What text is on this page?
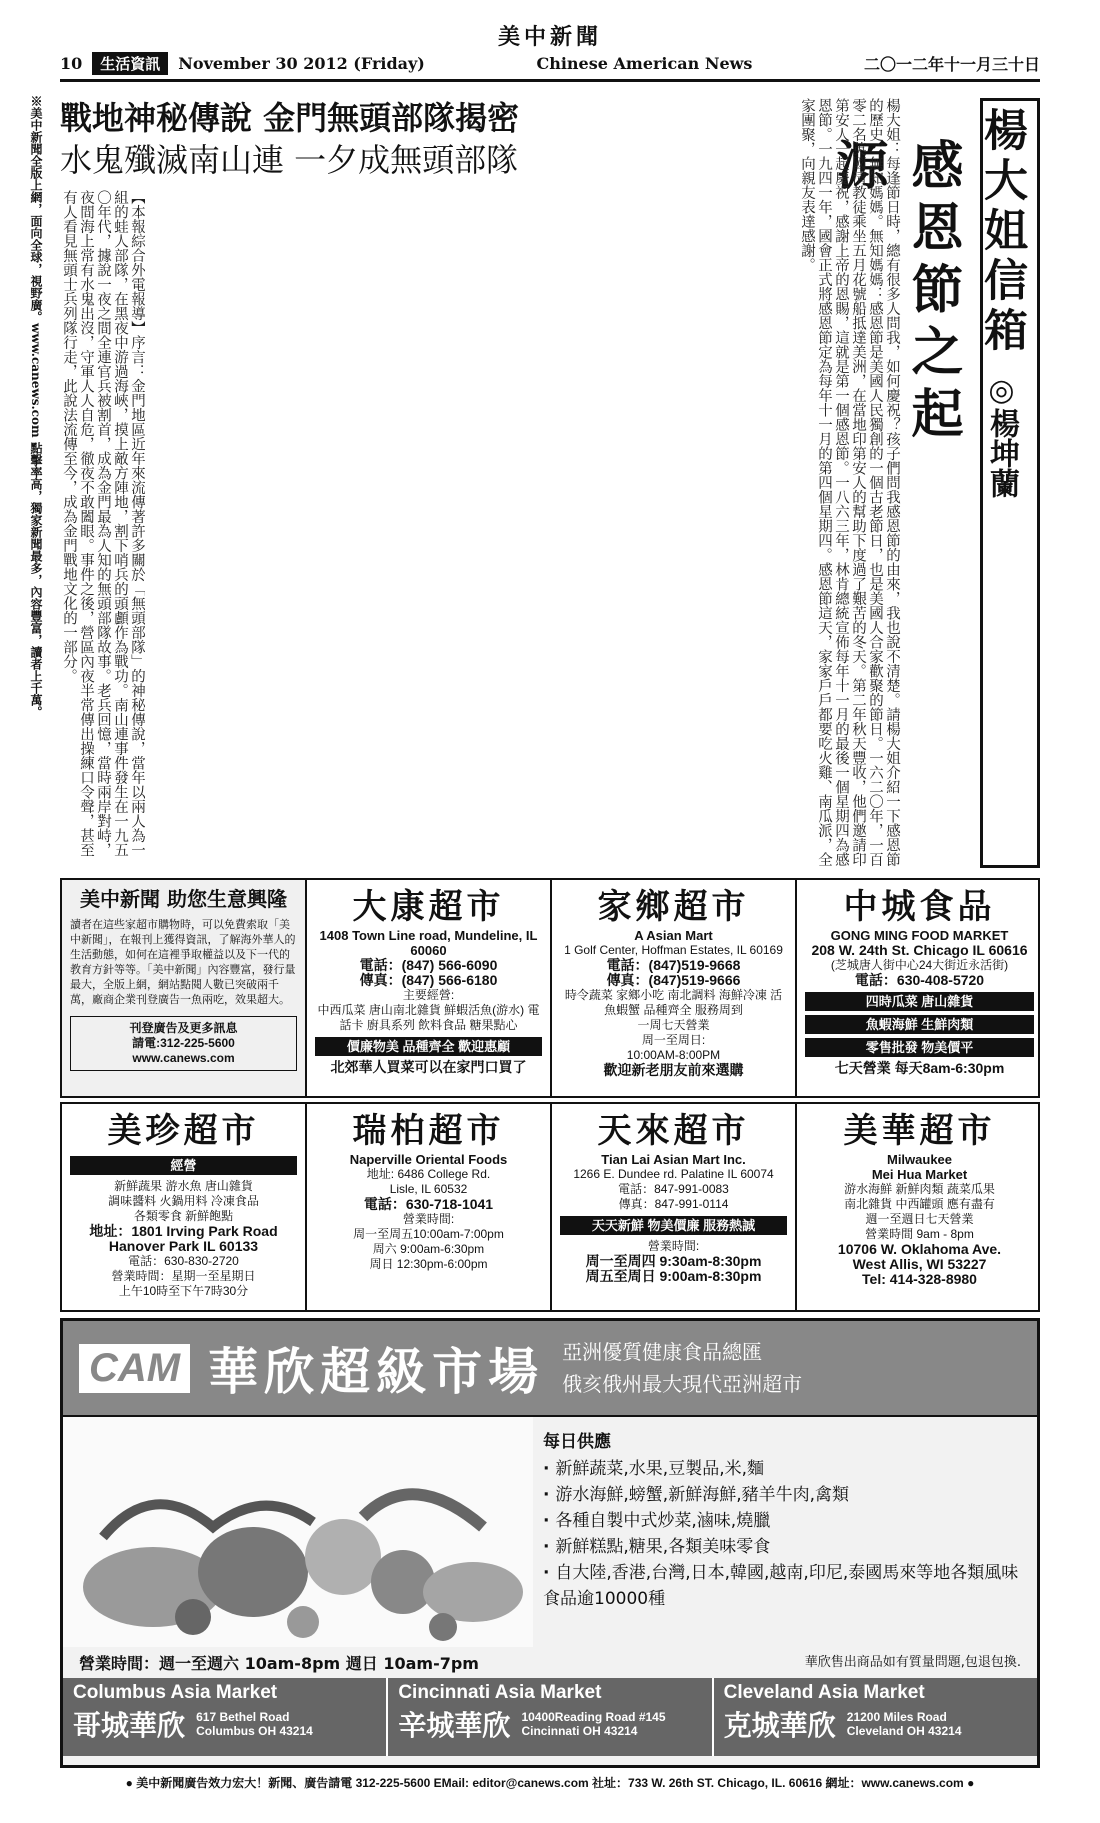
美中新聞
10	生活資訊	November 30 2012 (Friday)	Chinese American News	二〇一二年十一月三十日
※美中新聞全版上網，面向全球，視野廣。www.canews.com 點擊率高，獨家新聞最多，內容豐富，讀者上千萬。 戰地神秘傳說 金門無頭部隊揭密
水鬼殲滅南山連 一夕成無頭部隊
【本報綜合外電報導】序言：金門地區近年來流傳著許多關於「無頭部隊」的神秘傳說，當年以兩人為一組的蛙人部隊，在黑夜中游過海峽，摸上敵方陣地，割下哨兵的頭顱作為戰功。南山連事件發生在一九五〇年代，據說一夜之間全連官兵被割首，成為金門最為人知的無頭部隊故事。老兵回憶，當時兩岸對峙，夜間海上常有水鬼出沒，守軍人人自危，徹夜不敢闔眼。事件之後，營區內夜半常傳出操練口令聲，甚至有人看見無頭士兵列隊行走，此說法流傳至今，成為金門戰地文化的一部分。	楊大姐信箱 ◎楊坤蘭
感恩節之起源
楊大姐：每逢節日時，總有很多人問我，如何慶祝？孩子們問我感恩節的由來，我也說不清楚。請楊大姐介紹一下感恩節的歷史。無知媽媽。無知媽媽：感恩節是美國人民獨創的一個古老節日，也是美國人合家歡聚的節日。一六二〇年，一百零二名英國清教徒乘坐五月花號船抵達美洲，在當地印第安人的幫助下度過了艱苦的冬天。第二年秋天豐收，他們邀請印第安人一起慶祝，感謝上帝的恩賜，這就是第一個感恩節。一八六三年，林肯總統宣佈每年十一月的最後一個星期四為感恩節。一九四一年，國會正式將感恩節定為每年十一月的第四個星期四。感恩節這天，家家戶戶都要吃火雞、南瓜派，全家團聚，向親友表達感謝。
美中新聞 助您生意興隆
讀者在這些家超市購物時，可以免費索取「美中新聞」，在報刊上獲得資訊，了解海外華人的生活動態，如何在這裡爭取權益以及下一代的教育方針等等。「美中新聞」內容豐富，發行量最大，全版上網，網站點閱人數已突破兩千萬，廠商企業刊登廣告一魚兩吃，效果超大。
刊登廣告及更多訊息
請電:312-225-5600
www.canews.com
大康超市
1408 Town Line road, Mundeline, IL 60060
電話：(847) 566-6090
傳真：(847) 566-6180
主要經營:
中西瓜菜 唐山南北雜貨 鮮蝦活魚(游水) 電話卡 廚具系列 飲料食品 糖果點心
價廉物美 品種齊全 歡迎惠顧
北郊華人買菜可以在家門口買了
家鄉超市
A Asian Mart
1 Golf Center, Hoffman Estates, IL 60169
電話：(847)519-9668
傳真：(847)519-9666
時令蔬菜 家鄉小吃 南北調料 海鮮冷凍 活魚蝦蟹 品種齊全 服務周到
一周七天營業
周一至周日:
10:00AM-8:00PM
歡迎新老朋友前來選購
中城食品
GONG MING FOOD MARKET
208 W. 24th St. Chicago IL 60616
(芝城唐人街中心24大街近永活街)
電話：630-408-5720
四時瓜菜 唐山雜貨
魚蝦海鮮 生鮮肉類
零售批發 物美價平
七天營業 每天8am-6:30pm
美珍超市
經營
新鮮蔬果 游水魚 唐山雜貨
調味醬料 火鍋用料 冷凍食品
各類零食 新鮮飽點
地址：1801 Irving Park Road
Hanover Park IL 60133
電話：630-830-2720
營業時間：星期一至星期日
上午10時至下午7時30分
瑞柏超市
Naperville Oriental Foods
地址: 6486 College Rd.
Lisle, IL 60532
電話：630-718-1041
營業時間:
周一至周五10:00am-7:00pm
周六 9:00am-6:30pm
周日 12:30pm-6:00pm
天來超市
Tian Lai Asian Mart Inc.
1266 E. Dundee rd. Palatine IL 60074
電話：847-991-0083
傳真：847-991-0114
天天新鮮 物美價廉 服務熱誠
營業時間:
周一至周四 9:30am-8:30pm
周五至周日 9:00am-8:30pm
美華超市
Milwaukee
Mei Hua Market
游水海鮮 新鮮肉類 蔬菜瓜果
南北雜貨 中西罐頭 應有盡有
週一至週日七天營業
營業時間 9am - 8pm
10706 W. Oklahoma Ave.
West Allis, WI 53227
Tel: 414-328-8980
CAM 華欣超級市場 亞洲優質健康食品總匯
俄亥俄州最大現代亞洲超市
每日供應
· 新鮮蔬菜,水果,豆製品,米,麵
· 游水海鮮,螃蟹,新鮮海鮮,豬羊牛肉,禽類
· 各種自製中式炒菜,滷味,燒臘
· 新鮮糕點,糖果,各類美味零食
· 自大陸,香港,台灣,日本,韓國,越南,印尼,泰國馬來等地各類風味食品逾10000種
營業時間：週一至週六 10am-8pm 週日 10am-7pm	華欣售出商品如有質量問題,包退包換.
Columbus Asia Market
哥城華欣 617 Bethel Road
Columbus OH 43214
Cincinnati Asia Market
辛城華欣 10400Reading Road #145
Cincinnati OH 43214
Cleveland Asia Market
克城華欣 21200 Miles Road
Cleveland OH 43214
● 美中新聞廣告效力宏大！新聞、廣告請電 312-225-5600 EMail: editor@canews.com 社址：733 W. 26th ST. Chicago, IL. 60616 網址：www.canews.com ●
